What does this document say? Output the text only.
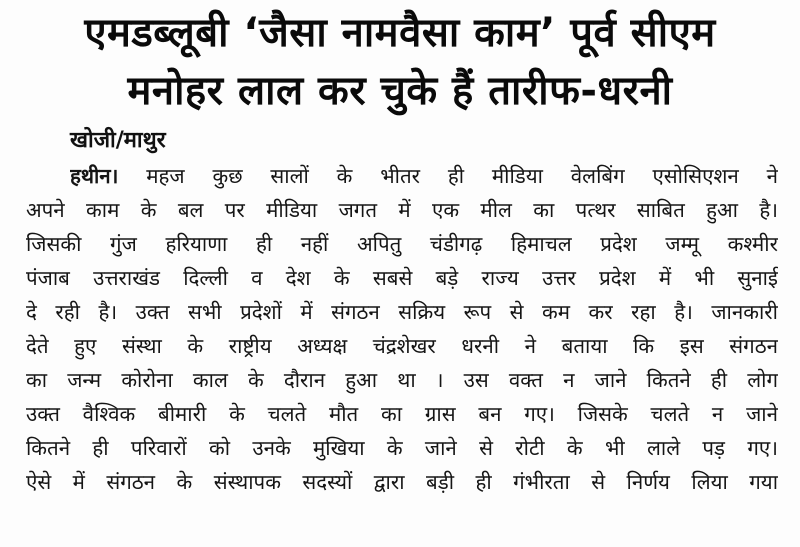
एमडब्लूबी ‘जैसा नामवैसा काम’ पूर्व सीएम
मनोहर लाल कर चुके हैं तारीफ-धरनी
खोजी/माथुर
हथीन। महज कुछ सालों के भीतर ही मीडिया वेलबिंग एसोसिएशन ने
अपने काम के बल पर मीडिया जगत में एक मील का पत्थर साबित हुआ है।
जिसकी गुंज हरियाणा ही नहीं अपितु चंडीगढ़ हिमाचल प्रदेश जम्मू कश्मीर
पंजाब उत्तराखंड दिल्ली व देश के सबसे बड़े राज्य उत्तर प्रदेश में भी सुनाई
दे रही है। उक्त सभी प्रदेशों में संगठन सक्रिय रूप से कम कर रहा है। जानकारी
देते हुए संस्था के राष्ट्रीय अध्यक्ष चंद्रशेखर धरनी ने बताया कि इस संगठन
का जन्म कोरोना काल के दौरान हुआ था । उस वक्त न जाने कितने ही लोग
उक्त वैश्विक बीमारी के चलते मौत का ग्रास बन गए। जिसके चलते न जाने
कितने ही परिवारों को उनके मुखिया के जाने से रोटी के भी लाले पड़ गए।
ऐसे में संगठन के संस्थापक सदस्यों द्वारा बड़ी ही गंभीरता से निर्णय लिया गया
